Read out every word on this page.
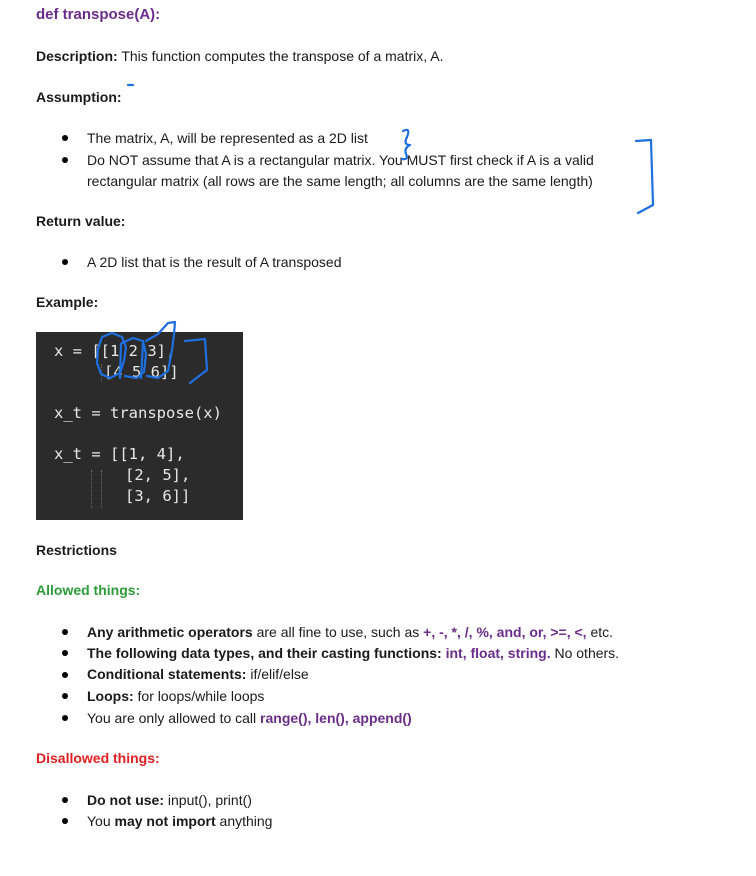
def transpose(A):
Description: This function computes the transpose of a matrix, A.
Assumption:
The matrix, A, will be represented as a 2D list
Do NOT assume that A is a rectangular matrix. You MUST first check if A is a valid
rectangular matrix (all rows are the same length; all columns are the same length)
Return value:
A 2D list that is the result of A transposed
Example:
x = [[1 2 3],
[4 5 6]]
x_t = transpose(x)
x_t = [[1, 4],
[2, 5],
[3, 6]]
Restrictions
Allowed things:
Any arithmetic operators are all fine to use, such as +, -, *, /, %, and, or, >=, <, etc.
The following data types, and their casting functions: int, float, string. No others.
Conditional statements: if/elif/else
Loops: for loops/while loops
You are only allowed to call range(), len(), append()
Disallowed things:
Do not use: input(), print()
You may not import anything
